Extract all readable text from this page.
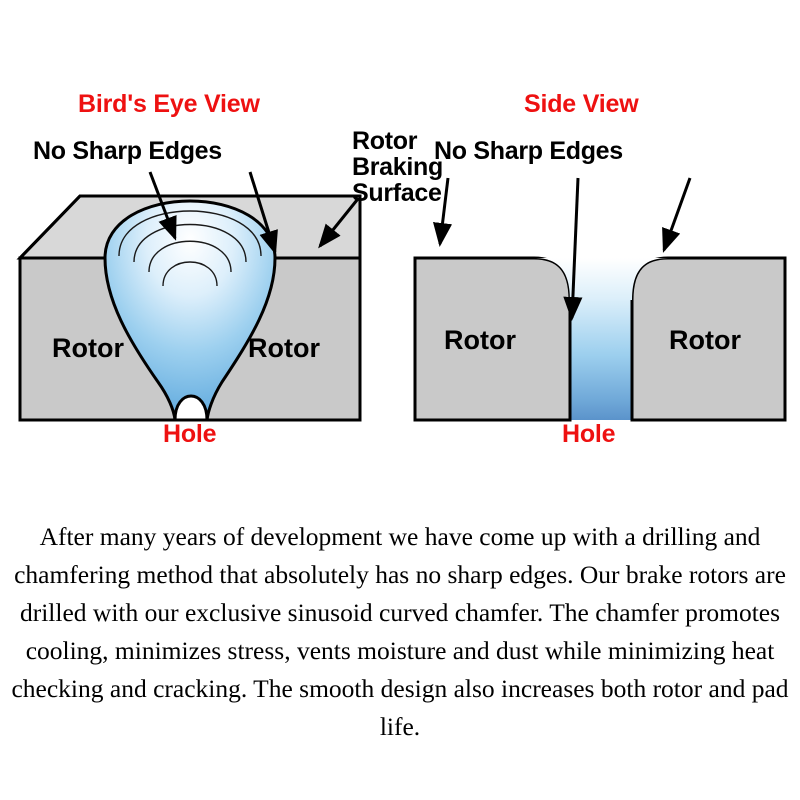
Bird's Eye View
No Sharp Edges	Rotor
Braking
Surface
Rotor	Rotor
Hole
Side View
No Sharp Edges
Rotor	Rotor
Hole
After many years of development we have come up with a drilling and chamfering method that absolutely has no sharp edges. Our brake rotors are drilled with our exclusive sinusoid curved chamfer. The chamfer promotes cooling, minimizes stress, vents moisture and dust while minimizing heat checking and cracking. The smooth design also increases both rotor and pad life.
